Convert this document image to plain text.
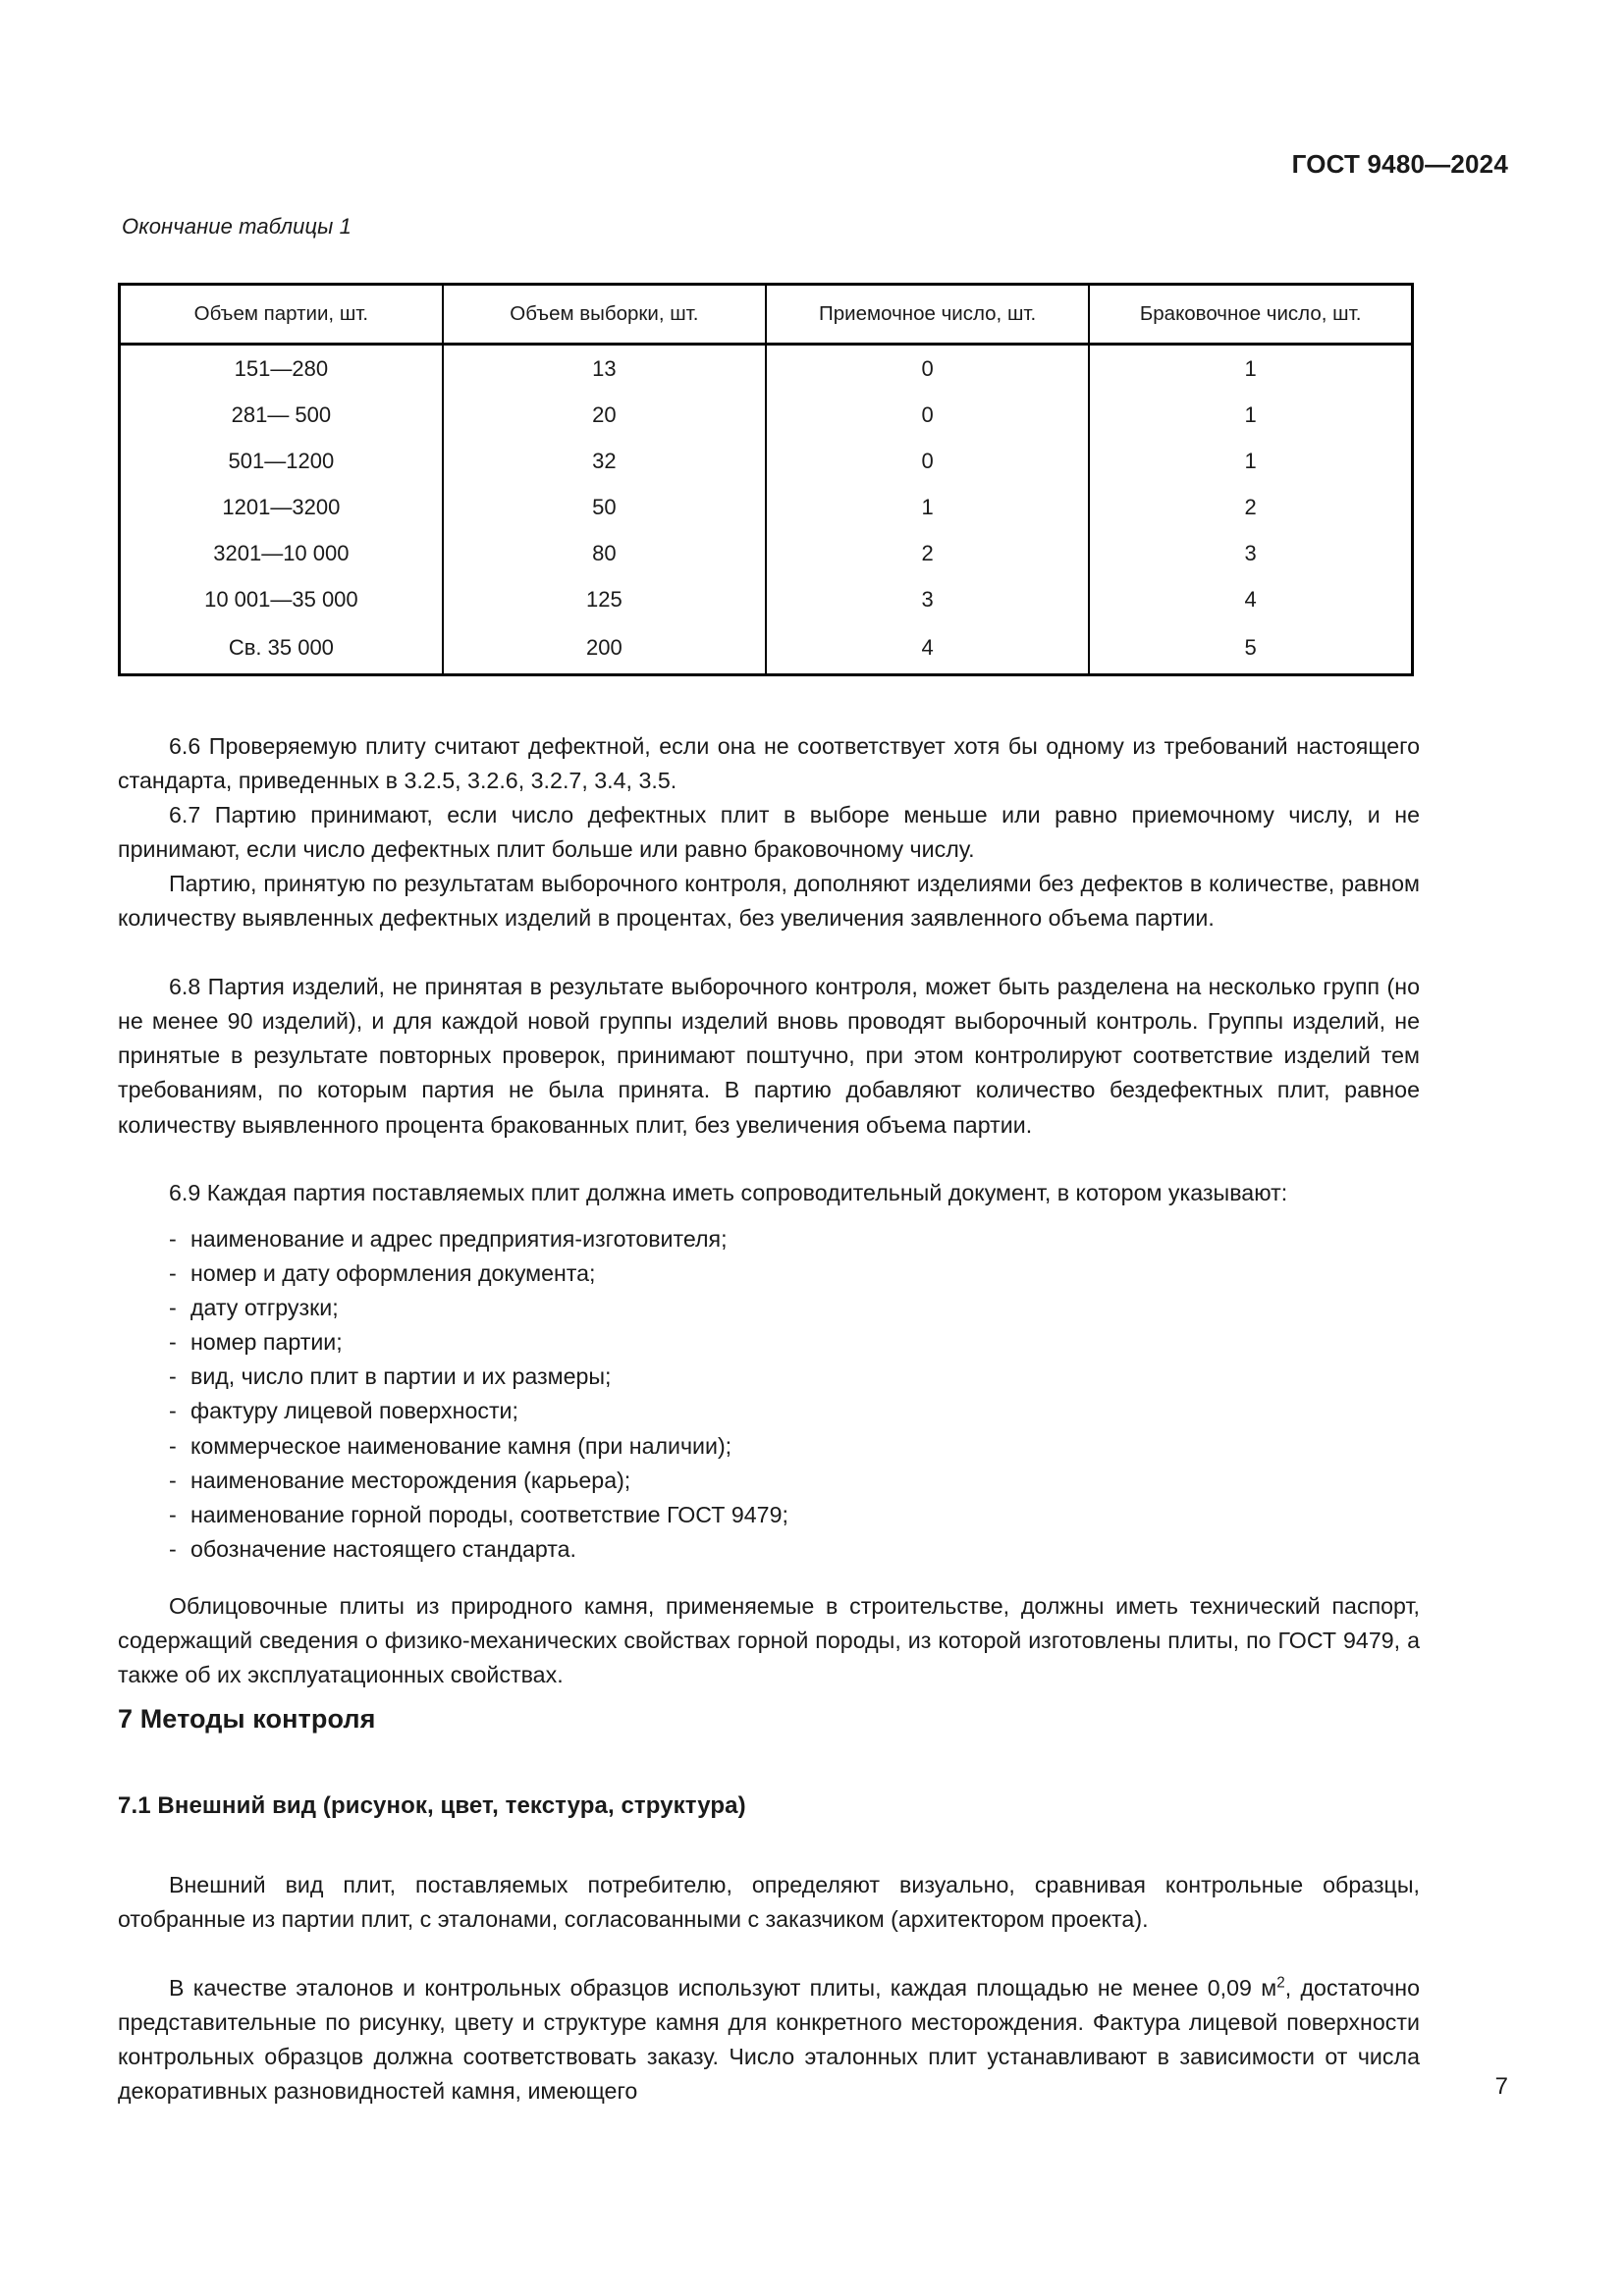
ГОСТ 9480—2024
Окончание таблицы 1
Объем партии, шт.	Объем выборки, шт.	Приемочное число, шт.	Браковочное число, шт.
151—280	13	0	1
281— 500	20	0	1
501—1200	32	0	1
1201—3200	50	1	2
3201—10 000	80	2	3
10 001—35 000	125	3	4
Св. 35 000	200	4	5

6.6 Проверяемую плиту считают дефектной, если она не соответствует хотя бы одному из требований настоящего стандарта, приведенных в 3.2.5, 3.2.6, 3.2.7, 3.4, 3.5.

6.7 Партию принимают, если число дефектных плит в выборе меньше или равно приемочному числу, и не принимают, если число дефектных плит больше или равно браковочному числу.

Партию, принятую по результатам выборочного контроля, дополняют изделиями без дефектов в количестве, равном количеству выявленных дефектных изделий в процентах, без увеличения заявленного объема партии.

6.8 Партия изделий, не принятая в результате выборочного контроля, может быть разделена на несколько групп (но не менее 90 изделий), и для каждой новой группы изделий вновь проводят выборочный контроль. Группы изделий, не принятые в результате повторных проверок, принимают поштучно, при этом контролируют соответствие изделий тем требованиям, по которым партия не была принята. В партию добавляют количество бездефектных плит, равное количеству выявленного процента бракованных плит, без увеличения объема партии.

6.9 Каждая партия поставляемых плит должна иметь сопроводительный документ, в котором указывают:

- наименование и адрес предприятия-изготовителя;
- номер и дату оформления документа;
- дату отгрузки;
- номер партии;
- вид, число плит в партии и их размеры;
- фактуру лицевой поверхности;
- коммерческое наименование камня (при наличии);
- наименование месторождения (карьера);
- наименование горной породы, соответствие ГОСТ 9479;
- обозначение настоящего стандарта.

Облицовочные плиты из природного камня, применяемые в строительстве, должны иметь технический паспорт, содержащий сведения о физико-механических свойствах горной породы, из которой изготовлены плиты, по ГОСТ 9479, а также об их эксплуатационных свойствах.

7 Методы контроля
7.1 Внешний вид (рисунок, цвет, текстура, структура)

Внешний вид плит, поставляемых потребителю, определяют визуально, сравнивая контрольные образцы, отобранные из партии плит, с эталонами, согласованными с заказчиком (архитектором проекта).

В качестве эталонов и контрольных образцов используют плиты, каждая площадью не менее 0,09 $м^2$, достаточно представительные по рисунку, цвету и структуре камня для конкретного месторождения. Фактура лицевой поверхности контрольных образцов должна соответствовать заказу. Число эталонных плит устанавливают в зависимости от числа декоративных разновидностей камня, имеющего	7
